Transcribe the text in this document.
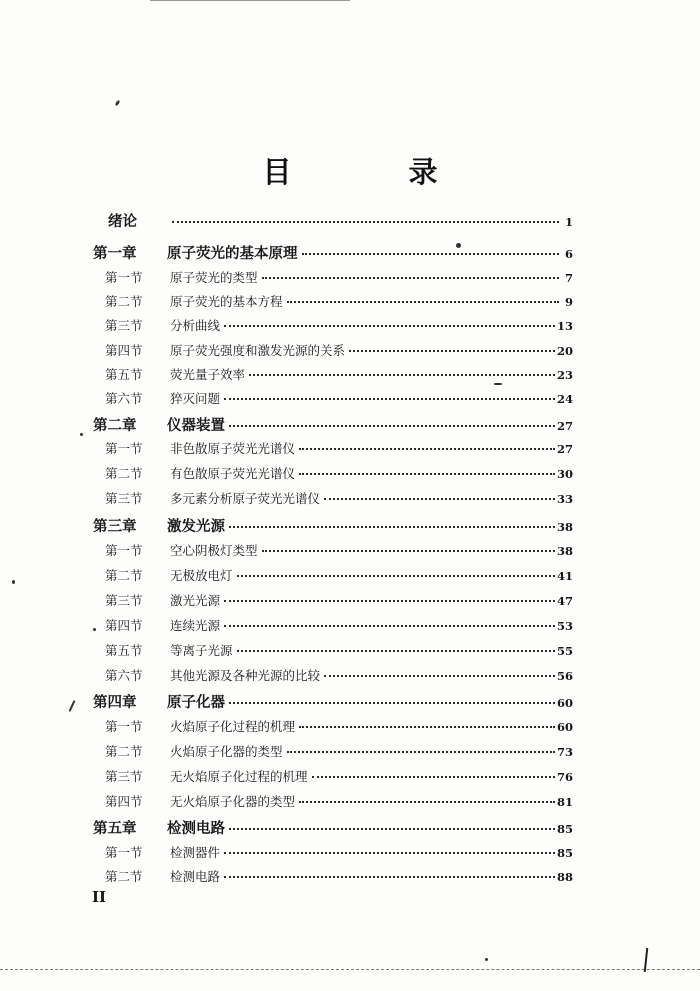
目　录
绪论	1
第一章	原子荧光的基本原理	6
第一节	原子荧光的类型	7
第二节	原子荧光的基本方程	9
第三节	分析曲线	13
第四节	原子荧光强度和激发光源的关系	20
第五节	荧光量子效率	23
第六节	猝灭问题	24
第二章	仪器装置	27
第一节	非色散原子荧光光谱仪	27
第二节	有色散原子荧光光谱仪	30
第三节	多元素分析原子荧光光谱仪	33
第三章	激发光源	38
第一节	空心阴极灯类型	38
第二节	无极放电灯	41
第三节	激光光源	47
第四节	连续光源	53
第五节	等离子光源	55
第六节	其他光源及各种光源的比较	56
第四章	原子化器	60
第一节	火焰原子化过程的机理	60
第二节	火焰原子化器的类型	73
第三节	无火焰原子化过程的机理	76
第四节	无火焰原子化器的类型	81
第五章	检测电路	85
第一节	检测器件	85
第二节	检测电路	88
II
